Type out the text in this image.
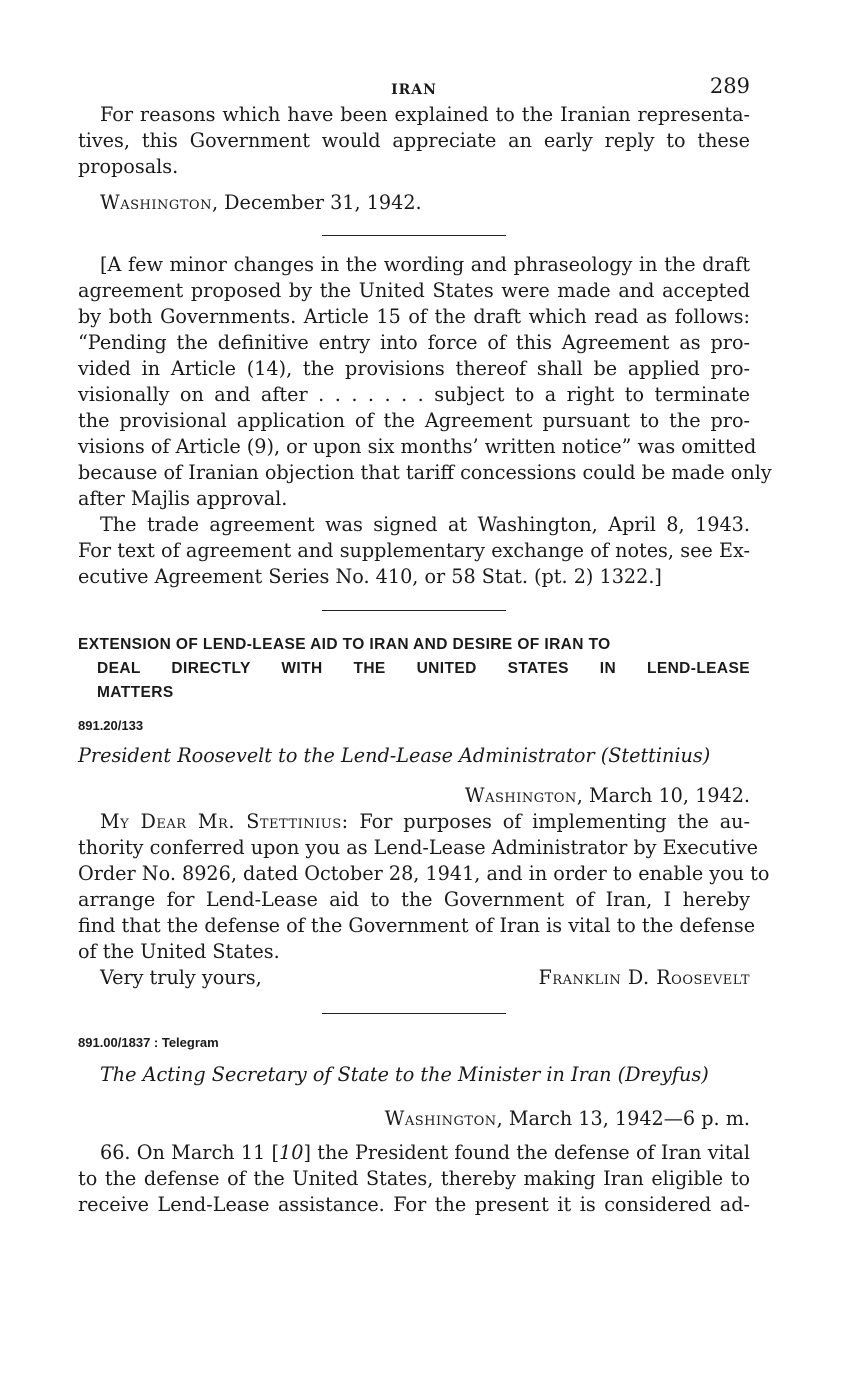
IRAN	289
For reasons which have been explained to the Iranian representa-
tives, this Government would appreciate an early reply to these
proposals.
Washington, December 31, 1942.
[A few minor changes in the wording and phraseology in the draft
agreement proposed by the United States were made and accepted
by both Governments. Article 15 of the draft which read as follows:
“Pending the definitive entry into force of this Agreement as pro-
vided in Article (14), the provisions thereof shall be applied pro-
visionally on and after . . . . . . . subject to a right to terminate
the provisional application of the Agreement pursuant to the pro-
visions of Article (9), or upon six months’ written notice” was omitted
because of Iranian objection that tariff concessions could be made only
after Majlis approval.
The trade agreement was signed at Washington, April 8, 1943.
For text of agreement and supplementary exchange of notes, see Ex-
ecutive Agreement Series No. 410, or 58 Stat. (pt. 2) 1322.]
EXTENSION OF LEND-LEASE AID TO IRAN AND DESIRE OF IRAN TO
DEAL DIRECTLY WITH THE UNITED STATES IN LEND-LEASE
MATTERS
891.20/133
President Roosevelt to the Lend-Lease Administrator (Stettinius)
Washington, March 10, 1942.
My Dear Mr. Stettinius: For purposes of implementing the au-
thority conferred upon you as Lend-Lease Administrator by Executive
Order No. 8926, dated October 28, 1941, and in order to enable you to
arrange for Lend-Lease aid to the Government of Iran, I hereby
find that the defense of the Government of Iran is vital to the defense
of the United States.
Very truly yours,	Franklin D. Roosevelt
891.00/1837 : Telegram
The Acting Secretary of State to the Minister in Iran (Dreyfus)
Washington, March 13, 1942—6 p. m.
66. On March 11 [10] the President found the defense of Iran vital
to the defense of the United States, thereby making Iran eligible to
receive Lend-Lease assistance. For the present it is considered ad-
